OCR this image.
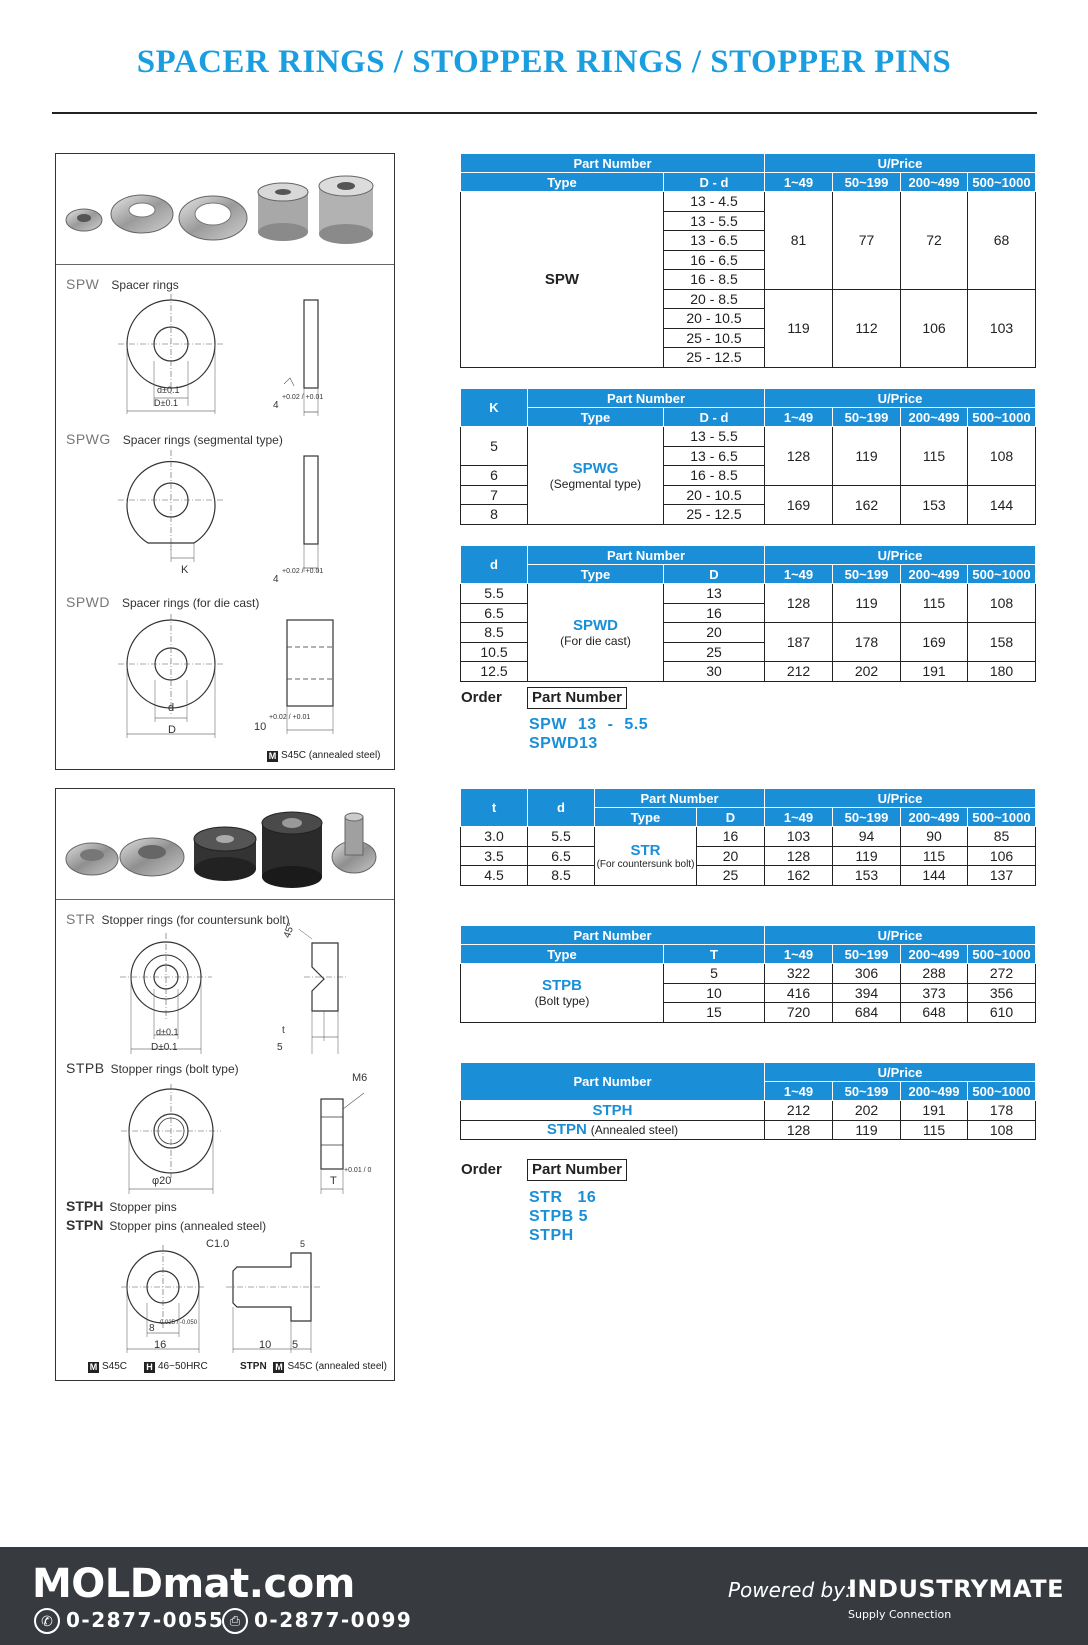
SPACER RINGS / STOPPER RINGS / STOPPER PINS
SPW Spacer rings
d±0.1
D±0.1	4
+0.02 / +0.01
SPWG Spacer rings (segmental type)
K
4
+0.02 / +0.01
SPWD Spacer rings (for die cast)
d
D	10
+0.02 / +0.01
M S45C (annealed steel)
STR Stopper rings (for countersunk bolt)
45°
d±0.1
D±0.1
t
5
STPB Stopper rings (bolt type)
M6
φ20	T
+0.01 / 0
STPH Stopper pins
STPN Stopper pins (annealed steel)
C1.0	5
8 -0.025 / -0.050
16	10 5
M S45C H 46~50HRC	STPN M S45C (annealed steel)
Part Number		U/Price			
Type	D - d	1~49	50~199	200~499	500~1000
SPW	13 - 4.5	81	77	72	68
	13 - 5.5				
	13 - 6.5				
	16 - 6.5				
	16 - 8.5				
	20 - 8.5	119	112	106	103
	20 - 10.5				
	25 - 10.5				
	25 - 12.5				
K	Part Number		U/Price			
	Type	D - d	1~49	50~199	200~499	500~1000
5	SPWG
(Segmental type)	13 - 5.5	128	119	115	108
		13 - 6.5				
6		16 - 8.5				
7		20 - 10.5	169	162	153	144
8		25 - 12.5				
d	Part Number		U/Price			
	Type	D	1~49	50~199	200~499	500~1000
5.5	SPWD
(For die cast)	13	128	119	115	108
6.5		16				
8.5		20	187	178	169	158
10.5		25				
12.5		30	212	202	191	180
Order	Part Number
SPW 13 - 5.5
SPWD13
t	d	Part Number		U/Price			
		Type	D	1~49	50~199	200~499	500~1000
3.0	5.5	STR
(For countersunk bolt)	16	103	94	90	85
3.5	6.5		20	128	119	115	106
4.5	8.5		25	162	153	144	137
Part Number		U/Price			
Type	T	1~49	50~199	200~499	500~1000

STPB
(Bolt type)	5	322	306	288	272
	10	416	394	373	356
	15	720	684	648	610
Part Number	U/Price			
	1~49	50~199	200~499	500~1000
STPH	212	202	191	178
STPN (Annealed steel)	128	119	115	108
Order	Part Number
STR 16
STPB 5
STPH
MOLDmat.com
✆ 0-2877-0055 ⎙ 0-2877-0099
Powered by:
INDUSTRYMATE
Supply Connection
